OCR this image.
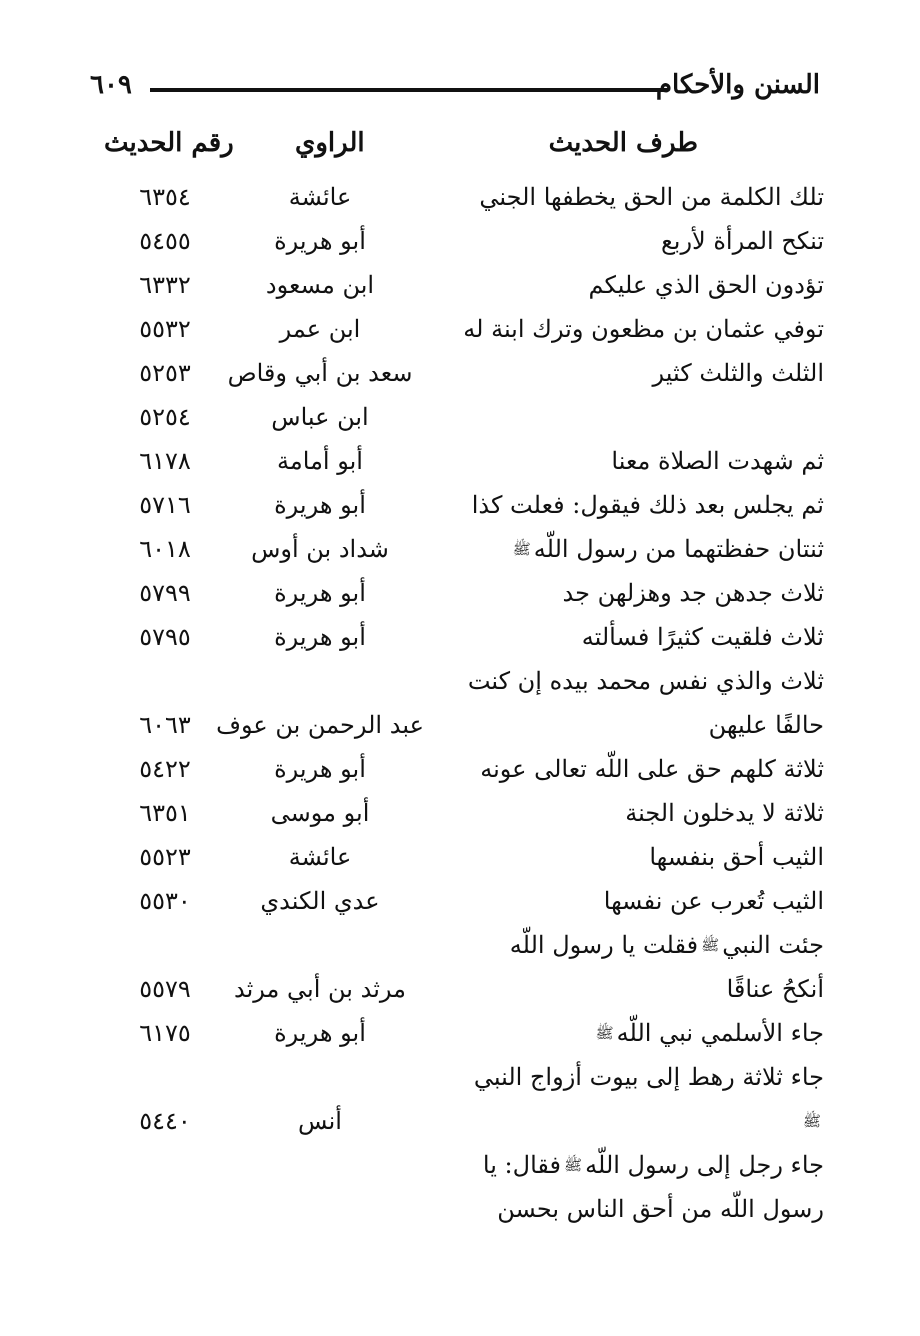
السنن والأحكام
٦٠٩
طرف الحديث
الراوي
رقم الحديث
تلك الكلمة من الحق يخطفها الجني
عائشة
٦٣٥٤
تنكح المرأة لأربع
أبو هريرة
٥٤٥٥
تؤدون الحق الذي عليكم
ابن مسعود
٦٣٣٢
توفي عثمان بن مظعون وترك ابنة له
ابن عمر
٥٥٣٢
الثلث والثلث كثير
سعد بن أبي وقاص
٥٢٥٣
ابن عباس
٥٢٥٤
ثم شهدت الصلاة معنا
أبو أمامة
٦١٧٨
ثم يجلس بعد ذلك فيقول: فعلت كذا
أبو هريرة
٥٧١٦
ثنتان حفظتهما من رسول اللّهﷺ
شداد بن أوس
٦٠١٨
ثلاث جدهن جد وهزلهن جد
أبو هريرة
٥٧٩٩
ثلاث فلقيت كثيرًا فسألته
أبو هريرة
٥٧٩٥
ثلاث والذي نفس محمد بيده إن كنت
حالفًا عليهن
عبد الرحمن بن عوف
٦٠٦٣
ثلاثة كلهم حق على اللّه تعالى عونه
أبو هريرة
٥٤٢٢
ثلاثة لا يدخلون الجنة
أبو موسى
٦٣٥١
الثيب أحق بنفسها
عائشة
٥٥٢٣
الثيب تُعرب عن نفسها
عدي الكندي
٥٥٣٠
جئت النبيﷺفقلت يا رسول اللّه
أنكحُ عناقًا
مرثد بن أبي مرثد
٥٥٧٩
جاء الأسلمي نبي اللّهﷺ
أبو هريرة
٦١٧٥
جاء ثلاثة رهط إلى بيوت أزواج النبي
ﷺ
أنس
٥٤٤٠
جاء رجل إلى رسول اللّهﷺفقال: يا
رسول اللّه من أحق الناس بحسن
